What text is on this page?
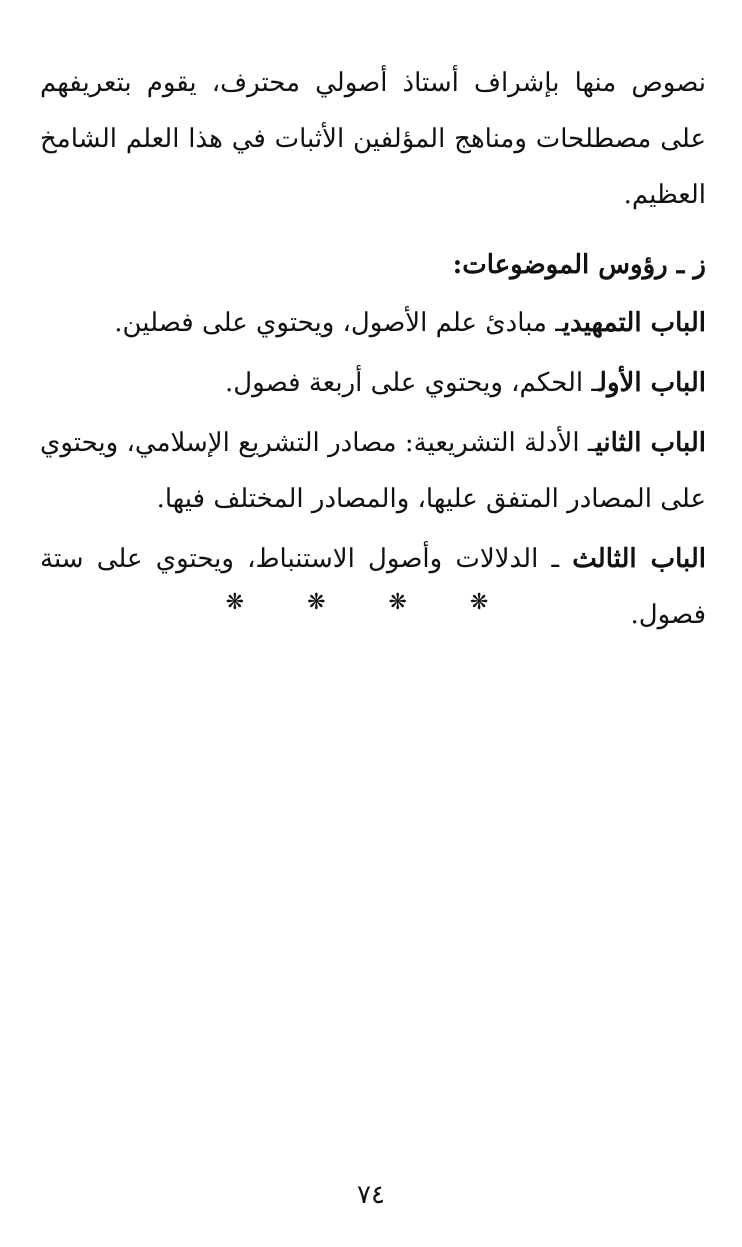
نصوص منها بإشراف أستاذ أصولي محترف، يقوم بتعريفهم على مصطلحات ومناهج المؤلفين الأثبات في هذا العلم الشامخ العظيم.

ز ـ رؤوس الموضوعات:

الباب التمهيديـ مبادئ علم الأصول، ويحتوي على فصلين.

الباب الأولـ الحكم، ويحتوي على أربعة فصول.

الباب الثانيـ الأدلة التشريعية: مصادر التشريع الإسلامي، ويحتوي على المصادر المتفق عليها، والمصادر المختلف فيها.

الباب الثالث ـ الدلالات وأصول الاستنباط، ويحتوي على ستة فصول.

❋ ❋ ❋ ❋
٧٤
